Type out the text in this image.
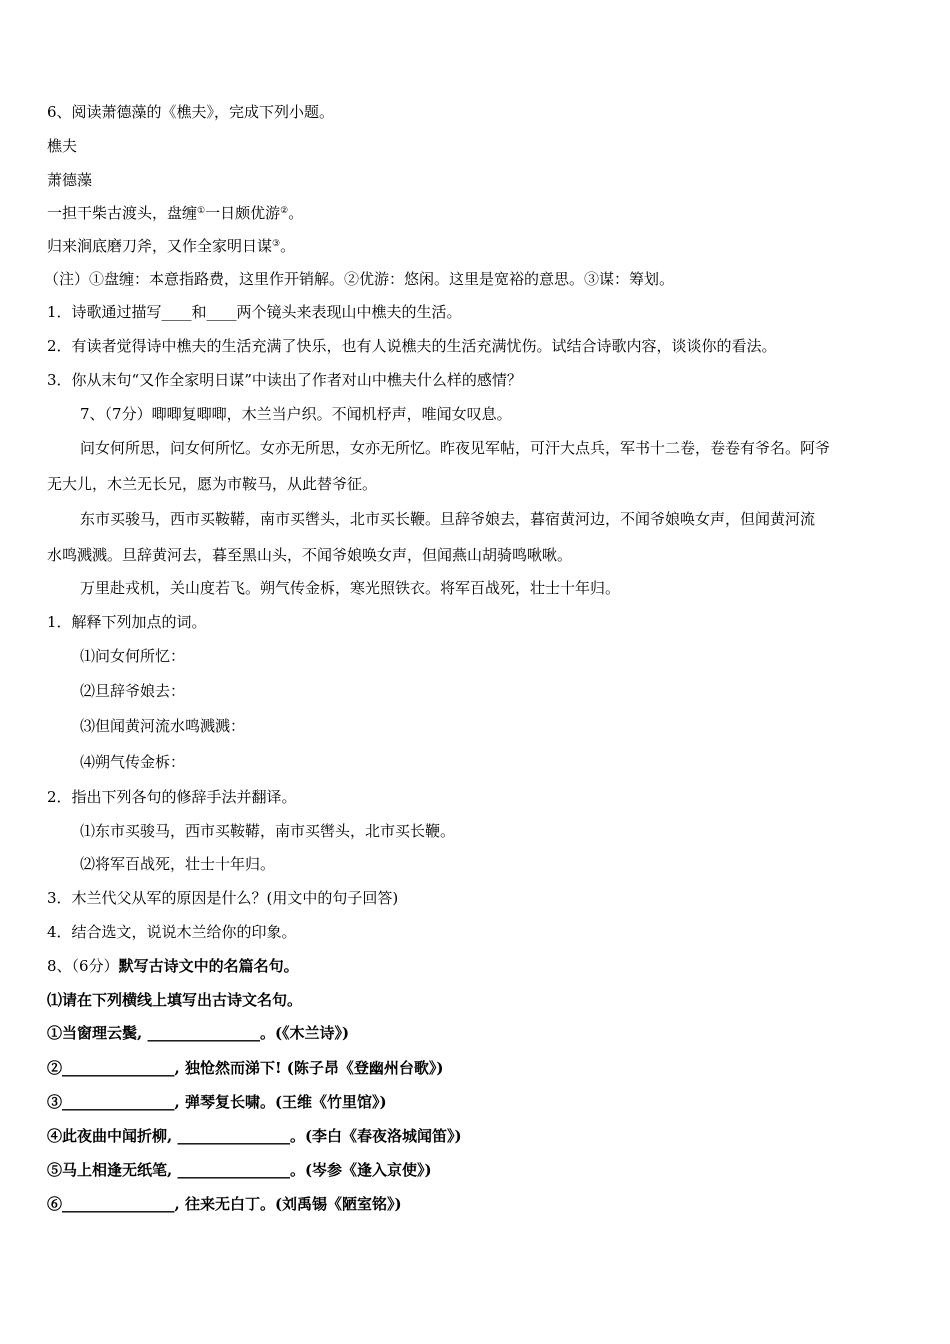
6、阅读萧德藻的《樵夫》，完成下列小题。
樵夫
萧德藻
一担干柴古渡头，盘缠①一日颇优游②。
归来涧底磨刀斧，又作全家明日谋③。
（注）①盘缠：本意指路费，这里作开销解。②优游：悠闲。这里是宽裕的意思。③谋：筹划。
1．诗歌通过描写____和____两个镜头来表现山中樵夫的生活。
2．有读者觉得诗中樵夫的生活充满了快乐，也有人说樵夫的生活充满忧伤。试结合诗歌内容，谈谈你的看法。
3．你从末句“又作全家明日谋”中读出了作者对山中樵夫什么样的感情？
7、（7分）唧唧复唧唧，木兰当户织。不闻机杼声，唯闻女叹息。
问女何所思，问女何所忆。女亦无所思，女亦无所忆。昨夜见军帖，可汗大点兵，军书十二卷，卷卷有爷名。阿爷
无大儿，木兰无长兄，愿为市鞍马，从此替爷征。
东市买骏马，西市买鞍鞯，南市买辔头，北市买长鞭。旦辞爷娘去，暮宿黄河边，不闻爷娘唤女声，但闻黄河流
水鸣溅溅。旦辞黄河去，暮至黑山头，不闻爷娘唤女声，但闻燕山胡骑鸣啾啾。
万里赴戎机，关山度若飞。朔气传金柝，寒光照铁衣。将军百战死，壮士十年归。
1．解释下列加点的词。
⑴问女何所忆：
⑵旦辞爷娘去：
⑶但闻黄河流水鸣溅溅：
⑷朔气传金柝：
2．指出下列各句的修辞手法并翻译。
⑴东市买骏马，西市买鞍鞯，南市买辔头，北市买长鞭。
⑵将军百战死，壮士十年归。
3．木兰代父从军的原因是什么？(用文中的句子回答)
4．结合选文，说说木兰给你的印象。
8、（6分）默写古诗文中的名篇名句。
⑴请在下列横线上填写出古诗文名句。
①当窗理云鬓, _______________。(《木兰诗》)
②_______________, 独怆然而涕下! (陈子昂《登幽州台歌》)
③_______________, 弹琴复长啸。(王维《竹里馆》)
④此夜曲中闻折柳, _______________。(李白《春夜洛城闻笛》)
⑤马上相逢无纸笔, _______________。(岑参《逢入京使》)
⑥_______________, 往来无白丁。(刘禹锡《陋室铭》)
